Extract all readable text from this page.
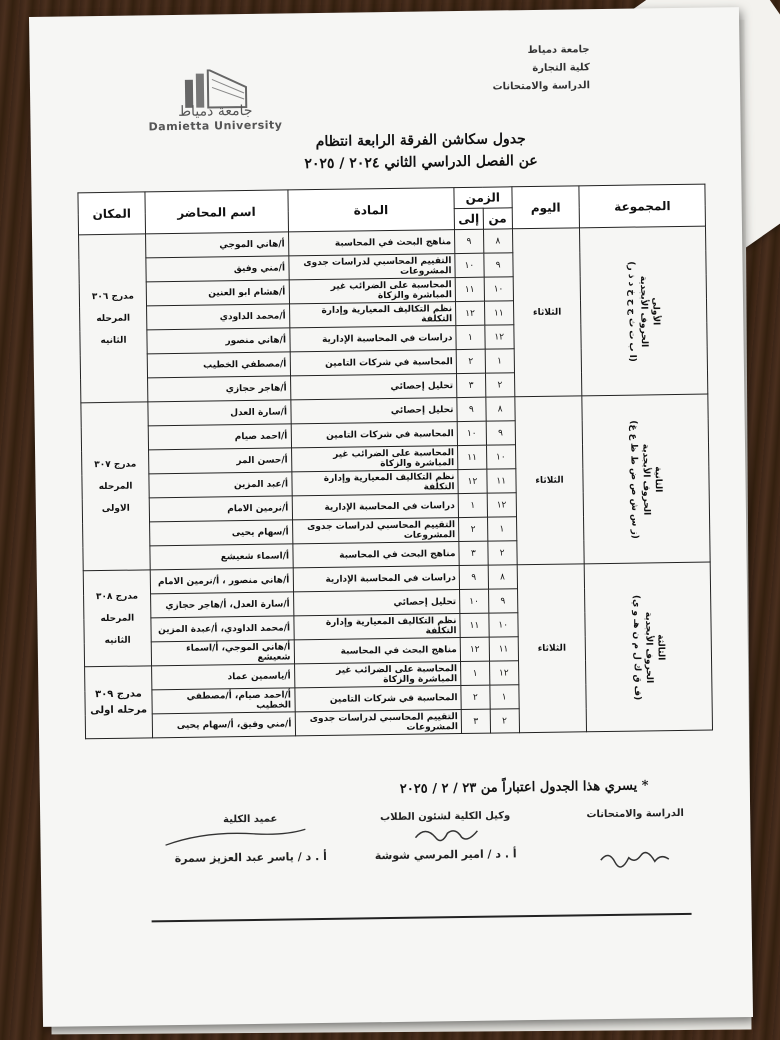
جامعة دمياط
Damietta University
جامعة دمياط
كلية التجارة
الدراسة والامتحانات
جدول سكاشن الفرقة الرابعة انتظام
عن الفصل الدراسي الثاني ٢٠٢٤ / ٢٠٢٥
المجموعة	اليوم	الزمن		المادة	اسم المحاضر	المكان
		من	إلى			

الأولى
الحروف الأبجدية
(ا ب ت ث ج ح خ د ذ ر)	الثلاثاء	٨	٩	مناهج البحث في المحاسبة	أ/هاني الموجي	مدرج ٣٠٦ المرحله الثانيه
		٩	١٠	التقييم المحاسبي لدراسات جدوى المشروعات	أ/مني وفيق	
		١٠	١١	المحاسبة على الضرائب غير المباشرة والزكاة	أ/هشام ابو العنين	
		١١	١٢	نظم التكاليف المعيارية وإدارة التكلفة	أ/محمد الداودي	
		١٢	١	دراسات في المحاسبة الإدارية	أ/هاني منصور	
		١	٢	المحاسبة في شركات التامين	أ/مصطفي الخطيب	
		٢	٣	تحليل إحصائي	أ/هاجر حجازي	

الثانية
الحروف الأبجدية
(ز س ش ص ض ط ظ ع غ)	الثلاثاء	٨	٩	تحليل إحصائي	أ/سارة العدل	مدرج ٣٠٧ المرحله الاولى
		٩	١٠	المحاسبة في شركات التامين	أ/احمد صيام	
		١٠	١١	المحاسبة على الضرائب غير المباشرة والزكاة	أ/حسن المر	
		١١	١٢	نظم التكاليف المعيارية وإدارة التكلفة	أ/عبد المزين	
		١٢	١	دراسات في المحاسبة الإدارية	أ/نرمين الامام	
		١	٢	التقييم المحاسبي لدراسات جدوى المشروعات	أ/سهام يحيى	
		٢	٣	مناهج البحث في المحاسبة	أ/اسماء شعيشع	

الثالثة
الحروف الأبجدية
(ف ق ك ل م ن هـ و ي)	الثلاثاء	٨	٩	دراسات في المحاسبة الإدارية	أ/هاني منصور ، أ/نرمين الامام	مدرج ٣٠٨ المرحله الثانيه
		٩	١٠	تحليل إحصائي	أ/سارة العدل، أ/هاجر حجازي	
		١٠	١١	نظم التكاليف المعيارية وإدارة التكلفة	أ/محمد الداودي، أ/عبدة المزين	
		١١	١٢	مناهج البحث في المحاسبة	أ/هاني الموجي، أ/اسماء شعيشع	
		١٢	١	المحاسبة على الضرائب غير المباشرة والزكاة	أ/ياسمين عماد	مدرج ٣٠٩ مرحله اولى
		١	٢	المحاسبة في شركات التامين	أ/احمد صيام، أ/مصطفي الخطيب	
		٢	٣	التقييم المحاسبي لدراسات جدوى المشروعات	أ/مني وفيق، أ/سهام يحيى	
* يسري هذا الجدول اعتباراً من ٢٣ / ٢ / ٢٠٢٥
الدراسة والامتحانات
وكيل الكلية لشئون الطلاب
أ . د / امير المرسي شوشة
عميد الكلية
أ . د / ياسر عبد العزيز سمرة
